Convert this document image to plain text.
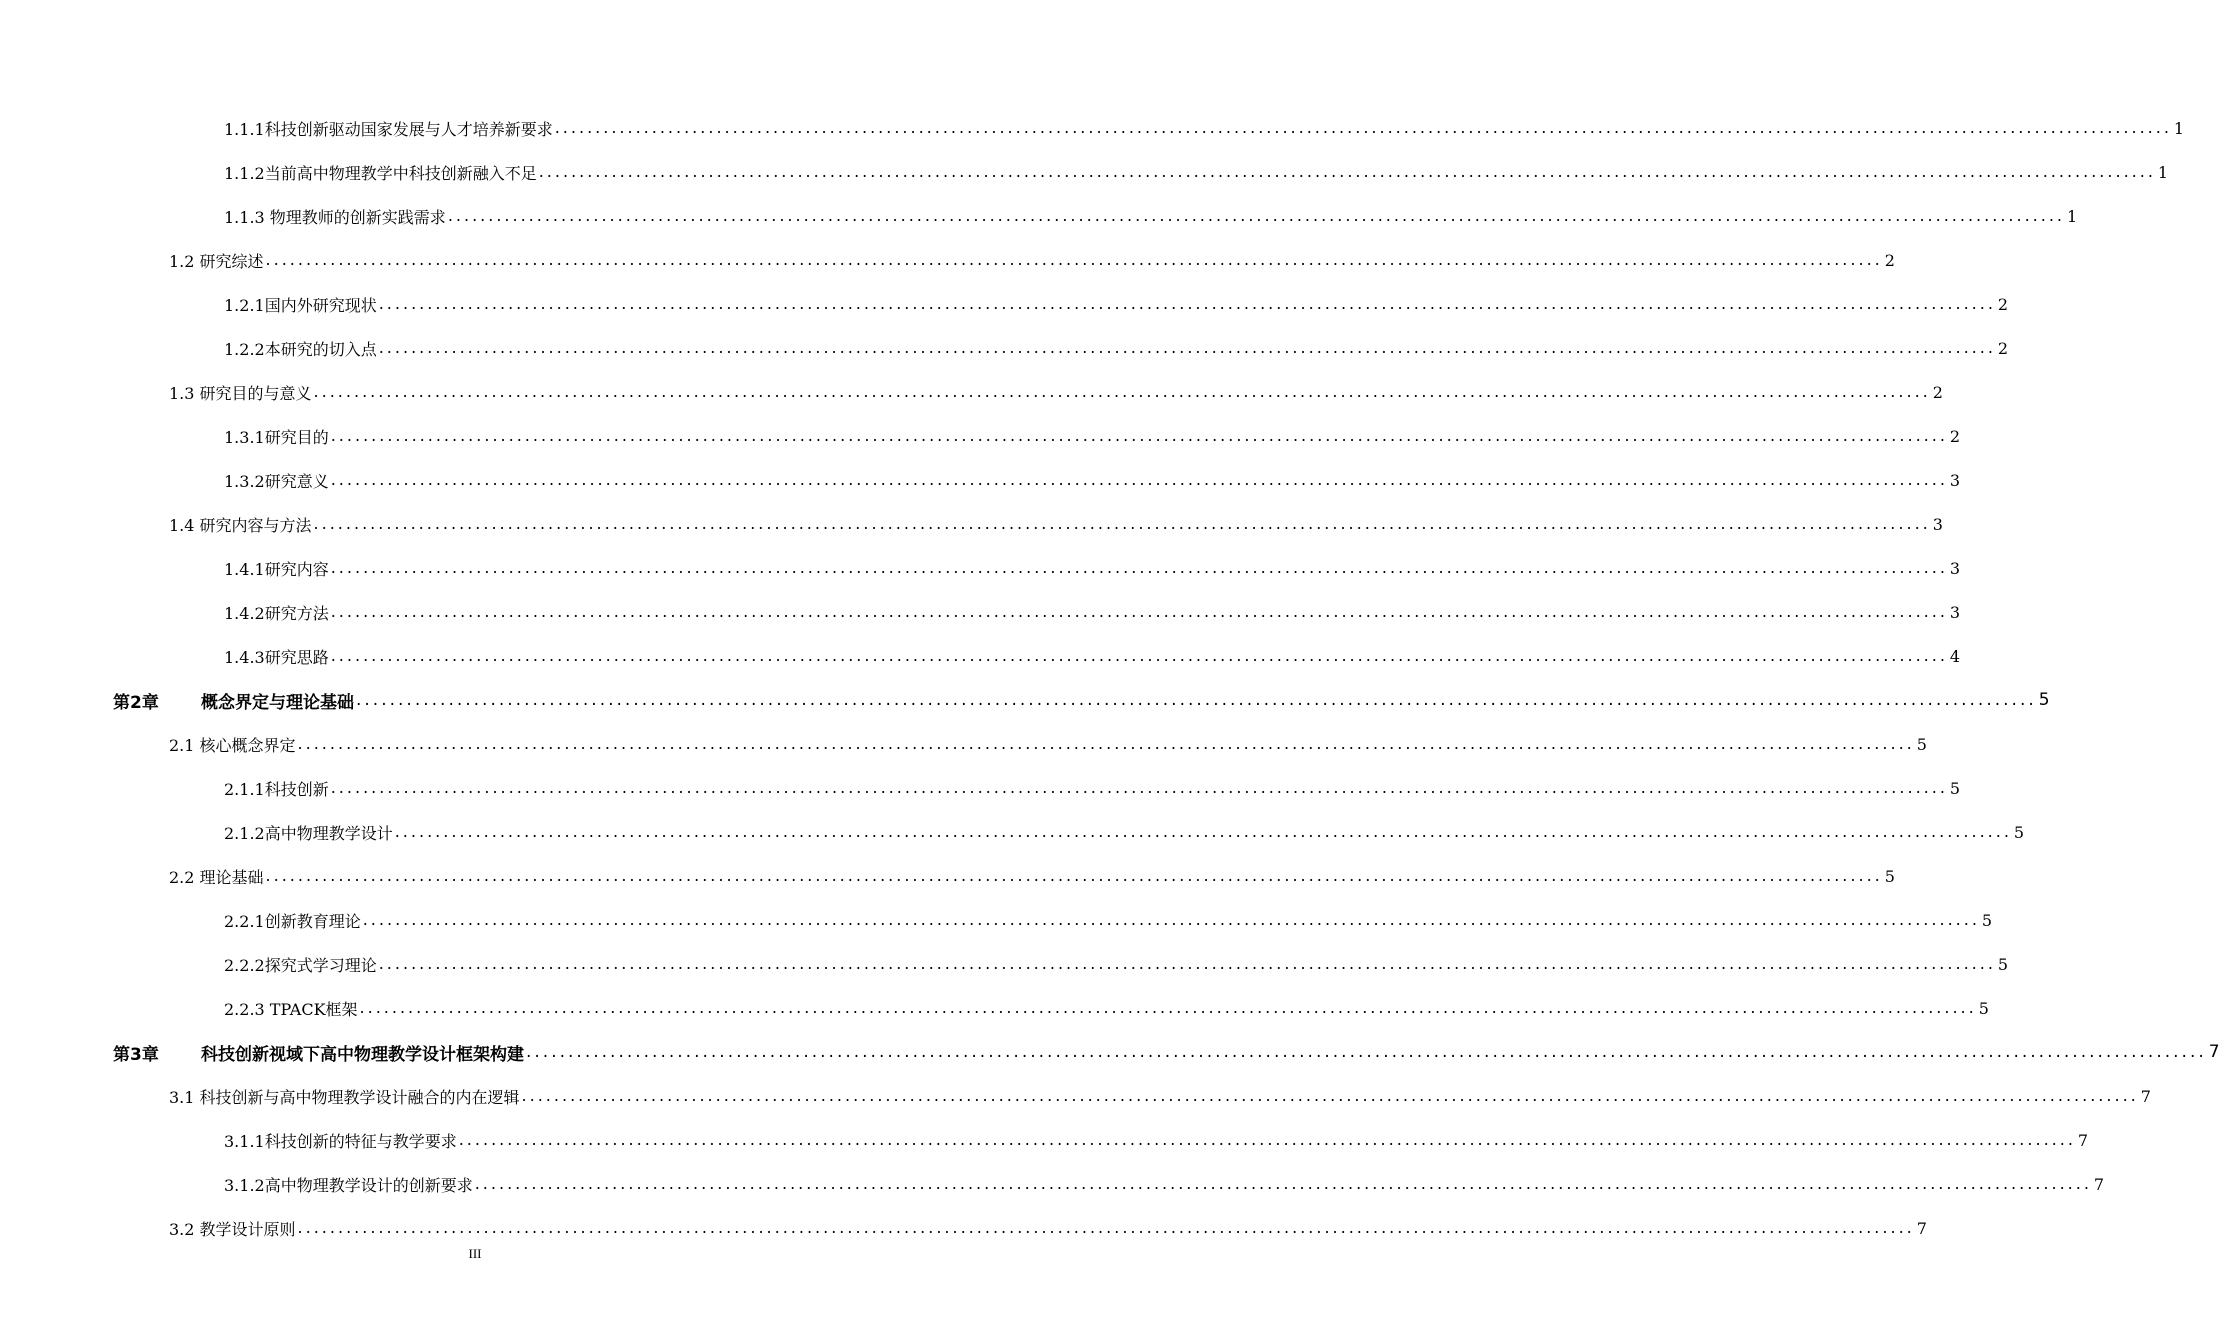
1.1.1科技创新驱动国家发展与人才培养新要求 ........................................................................................................................................................................................................ 1
1.1.2当前高中物理教学中科技创新融入不足 ........................................................................................................................................................................................................ 1
1.1.3 物理教师的创新实践需求 ........................................................................................................................................................................................................ 1
1.2 研究综述 ........................................................................................................................................................................................................ 2
1.2.1国内外研究现状 ........................................................................................................................................................................................................ 2
1.2.2本研究的切入点 ........................................................................................................................................................................................................ 2
1.3 研究目的与意义 ........................................................................................................................................................................................................ 2
1.3.1研究目的 ........................................................................................................................................................................................................ 2
1.3.2研究意义 ........................................................................................................................................................................................................ 3
1.4 研究内容与方法 ........................................................................................................................................................................................................ 3
1.4.1研究内容 ........................................................................................................................................................................................................ 3
1.4.2研究方法 ........................................................................................................................................................................................................ 3
1.4.3研究思路 ........................................................................................................................................................................................................ 4
第2章 概念界定与理论基础 ........................................................................................................................................................................................................ 5
2.1 核心概念界定 ........................................................................................................................................................................................................ 5
2.1.1科技创新 ........................................................................................................................................................................................................ 5
2.1.2高中物理教学设计 ........................................................................................................................................................................................................ 5
2.2 理论基础 ........................................................................................................................................................................................................ 5
2.2.1创新教育理论 ........................................................................................................................................................................................................ 5
2.2.2探究式学习理论 ........................................................................................................................................................................................................ 5
2.2.3 TPACK框架 ........................................................................................................................................................................................................ 5
第3章 科技创新视域下高中物理教学设计框架构建 ........................................................................................................................................................................................................ 7
3.1 科技创新与高中物理教学设计融合的内在逻辑 ........................................................................................................................................................................................................ 7
3.1.1科技创新的特征与教学要求 ........................................................................................................................................................................................................ 7
3.1.2高中物理教学设计的创新要求 ........................................................................................................................................................................................................ 7
3.2 教学设计原则 ........................................................................................................................................................................................................ 7
III
